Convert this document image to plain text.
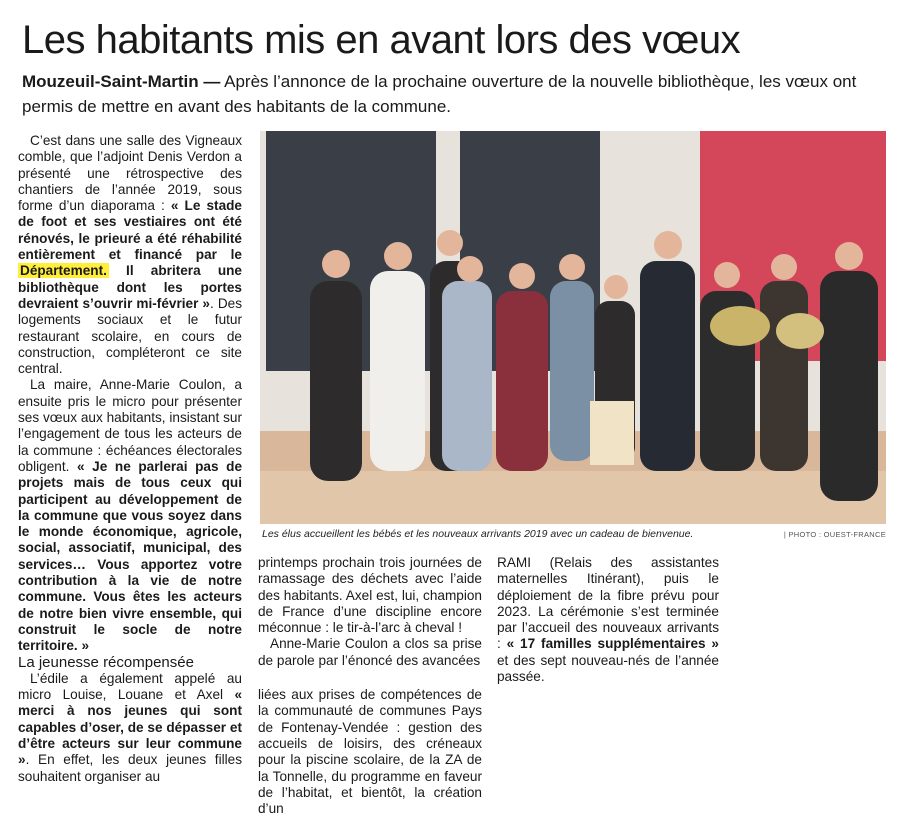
Les habitants mis en avant lors des vœux

Mouzeuil-Saint-Martin — Après l’annonce de la prochaine ouverture de la nouvelle bibliothèque, les vœux ont permis de mettre en avant des habitants de la commune.

C’est dans une salle des Vigneaux comble, que l’adjoint Denis Verdon a présenté une rétrospective des chantiers de l’année 2019, sous forme d’un diaporama : « Le stade de foot et ses vestiaires ont été rénovés, le prieuré a été réhabilité entièrement et financé par le Département. Il abritera une bibliothèque dont les portes devraient s’ouvrir mi-février ». Des logements sociaux et le futur restaurant scolaire, en cours de construction, compléteront ce site central.

La maire, Anne-Marie Coulon, a ensuite pris le micro pour présenter ses vœux aux habitants, insistant sur l’engagement de tous les acteurs de la commune : échéances électorales obligent. « Je ne parlerai pas de projets mais de tous ceux qui participent au développement de la commune que vous soyez dans le monde économique, agricole, social, associatif, municipal, des services… Vous apportez votre contribution à la vie de notre commune. Vous êtes les acteurs de notre bien vivre ensemble, qui construit le socle de notre territoire. »

La jeunesse récompensée

L’édile a également appelé au micro Louise, Louane et Axel « merci à nos jeunes qui sont capables d’oser, de se dépasser et d’être acteurs sur leur commune ». En effet, les deux jeunes filles souhaitent organiser au

Les élus accueillent les bébés et les nouveaux arrivants 2019 avec un cadeau de bienvenue.	| PHOTO : OUEST-FRANCE

printemps prochain trois journées de ramassage des déchets avec l’aide des habitants. Axel est, lui, champion de France d’une discipline encore méconnue : le tir-à-l’arc à cheval !

Anne-Marie Coulon a clos sa prise de parole par l’énoncé des avancées

liées aux prises de compétences de la communauté de communes Pays de Fontenay-Vendée : gestion des accueils de loisirs, des créneaux pour la piscine scolaire, de la ZA de la Tonnelle, du programme en faveur de l’habitat, et bientôt, la création d’un

RAMI (Relais des assistantes maternelles Itinérant), puis le déploiement de la fibre prévu pour 2023. La cérémonie s’est terminée par l’accueil des nouveaux arrivants : « 17 familles supplémentaires » et des sept nouveau-nés de l’année passée.
